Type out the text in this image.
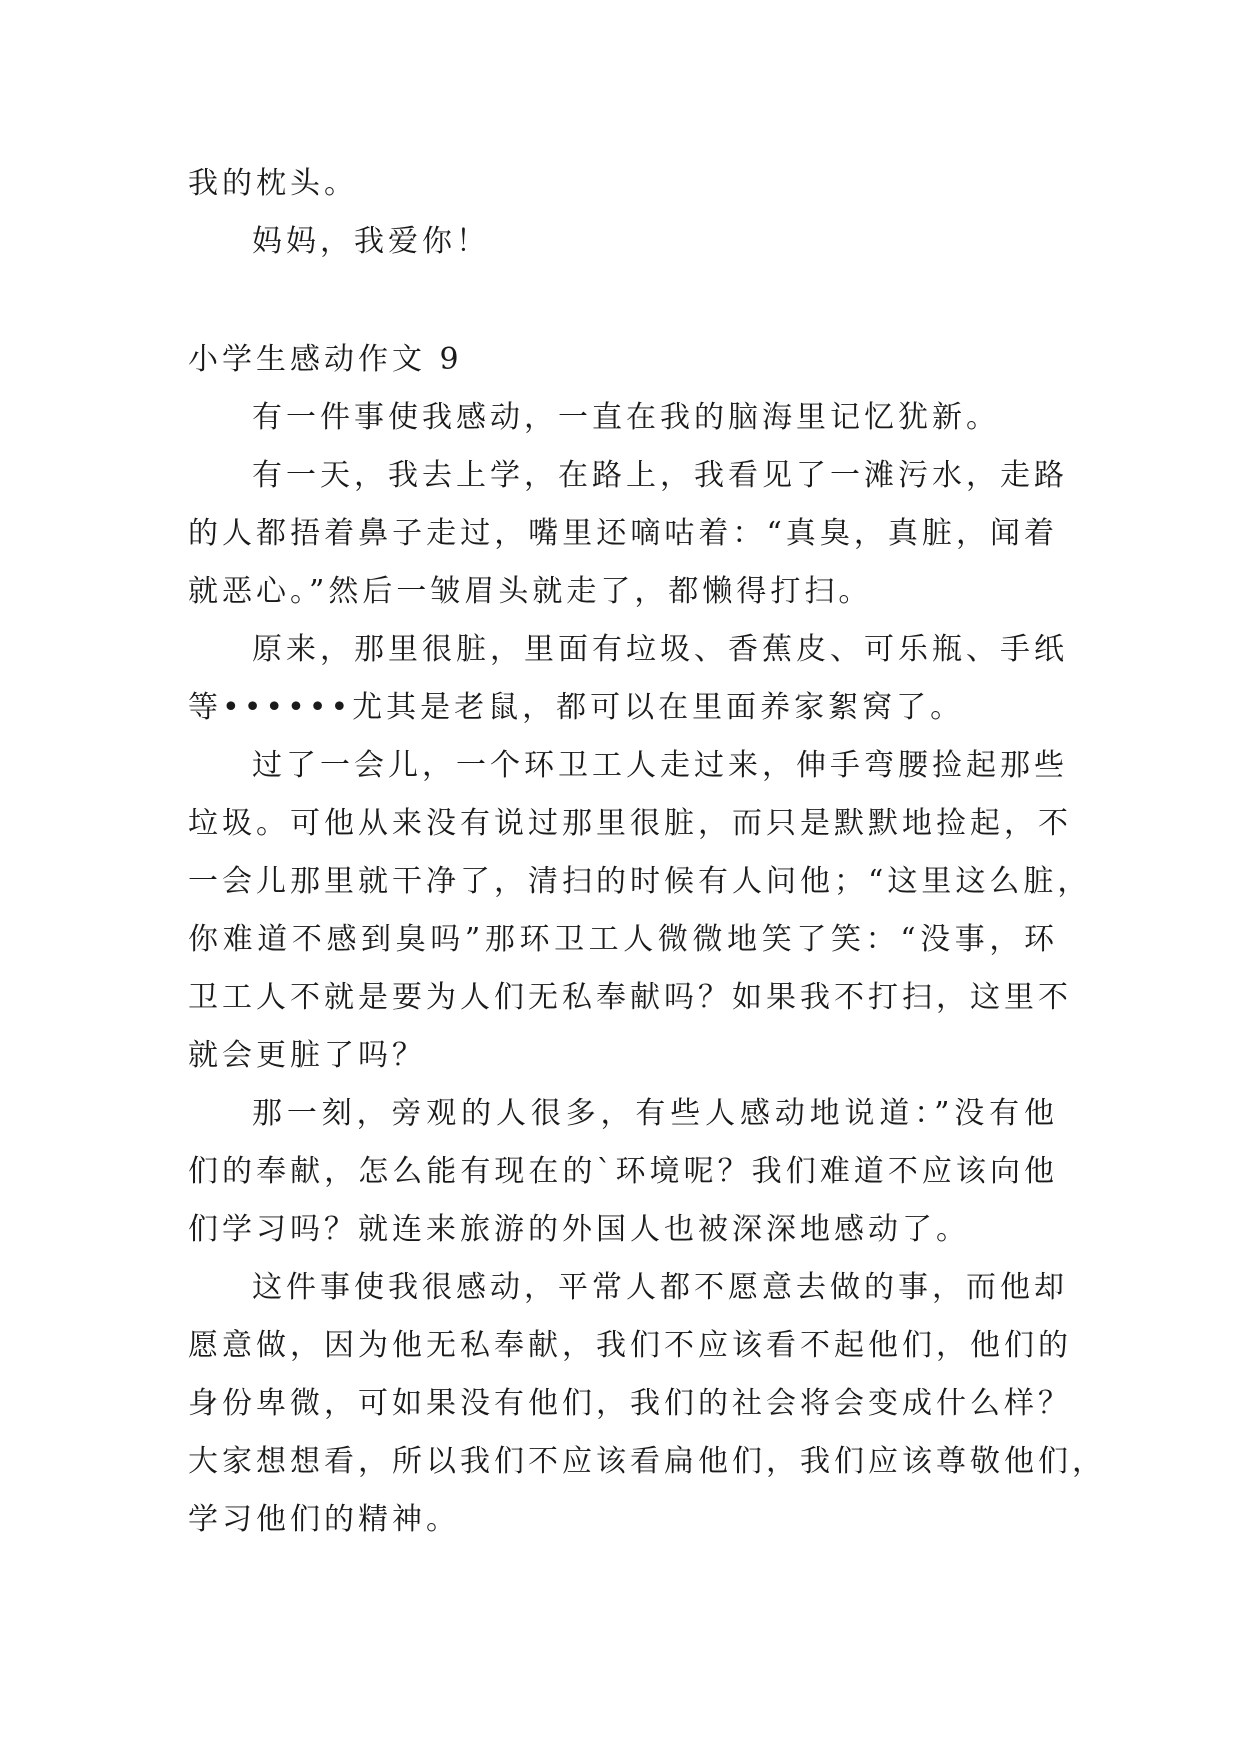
我的枕头。
妈妈，我爱你！
小学生感动作文 9
有一件事使我感动，一直在我的脑海里记忆犹新。
有一天，我去上学，在路上，我看见了一滩污水，走路
的人都捂着鼻子走过，嘴里还嘀咕着：“真臭，真脏，闻着
就恶心。”然后一皱眉头就走了，都懒得打扫。
原来，那里很脏，里面有垃圾、香蕉皮、可乐瓶、手纸
等••••••尤其是老鼠，都可以在里面养家絮窝了。
过了一会儿，一个环卫工人走过来，伸手弯腰捡起那些
垃圾。可他从来没有说过那里很脏，而只是默默地捡起，不
一会儿那里就干净了，清扫的时候有人问他；“这里这么脏，
你难道不感到臭吗”那环卫工人微微地笑了笑：“没事，环
卫工人不就是要为人们无私奉献吗？如果我不打扫，这里不
就会更脏了吗？
那一刻，旁观的人很多，有些人感动地说道：”没有他
们的奉献，怎么能有现在的`环境呢？我们难道不应该向他
们学习吗？就连来旅游的外国人也被深深地感动了。
这件事使我很感动，平常人都不愿意去做的事，而他却
愿意做，因为他无私奉献，我们不应该看不起他们，他们的
身份卑微，可如果没有他们，我们的社会将会变成什么样？
大家想想看，所以我们不应该看扁他们，我们应该尊敬他们，
学习他们的精神。
